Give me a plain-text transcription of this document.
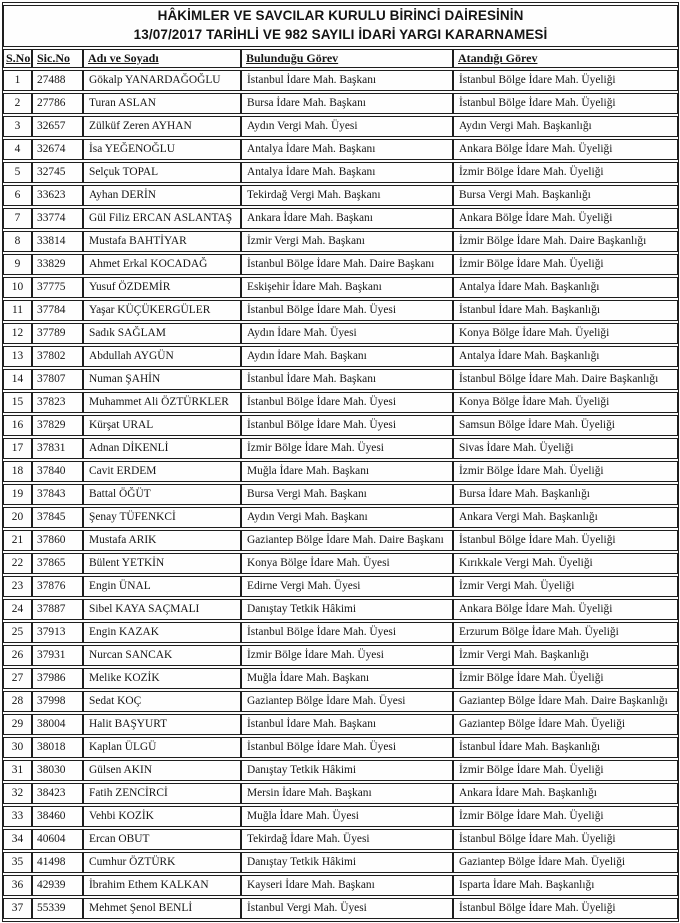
HÂKİMLER VE SAVCILAR KURULU BİRİNCİ DAİRESİNİN
13/07/2017 TARİHLİ VE 982 SAYILI İDARİ YARGI KARARNAMESİ				

S.No	Sic.No	Adı ve Soyadı	Bulunduğu Görev	Atandığı Görev
1	27488	Gökalp YANARDAĞOĞLU	İstanbul İdare Mah. Başkanı	İstanbul Bölge İdare Mah. Üyeliği
2	27786	Turan ASLAN	Bursa İdare Mah. Başkanı	İstanbul Bölge İdare Mah. Üyeliği
3	32657	Zülküf Zeren AYHAN	Aydın Vergi Mah. Üyesi	Aydın Vergi Mah. Başkanlığı
4	32674	İsa YEĞENOĞLU	Antalya İdare Mah. Başkanı	Ankara Bölge İdare Mah. Üyeliği
5	32745	Selçuk TOPAL	Antalya İdare Mah. Başkanı	İzmir Bölge İdare Mah. Üyeliği
6	33623	Ayhan DERİN	Tekirdağ Vergi Mah. Başkanı	Bursa Vergi Mah. Başkanlığı
7	33774	Gül Filiz ERCAN ASLANTAŞ	Ankara İdare Mah. Başkanı	Ankara Bölge İdare Mah. Üyeliği
8	33814	Mustafa BAHTİYAR	İzmir Vergi Mah. Başkanı	İzmir Bölge İdare Mah. Daire Başkanlığı
9	33829	Ahmet Erkal KOCADAĞ	İstanbul Bölge İdare Mah. Daire Başkanı	İzmir Bölge İdare Mah. Üyeliği
10	37775	Yusuf ÖZDEMİR	Eskişehir İdare Mah. Başkanı	Antalya İdare Mah. Başkanlığı
11	37784	Yaşar KÜÇÜKERGÜLER	İstanbul Bölge İdare Mah. Üyesi	İstanbul İdare Mah. Başkanlığı
12	37789	Sadık SAĞLAM	Aydın İdare Mah. Üyesi	Konya Bölge İdare Mah. Üyeliği
13	37802	Abdullah AYGÜN	Aydın İdare Mah. Başkanı	Antalya İdare Mah. Başkanlığı
14	37807	Numan ŞAHİN	İstanbul İdare Mah. Başkanı	İstanbul Bölge İdare Mah. Daire Başkanlığı
15	37823	Muhammet Ali ÖZTÜRKLER	İstanbul Bölge İdare Mah. Üyesi	Konya Bölge İdare Mah. Üyeliği
16	37829	Kürşat URAL	İstanbul Bölge İdare Mah. Üyesi	Samsun Bölge İdare Mah. Üyeliği
17	37831	Adnan DİKENLİ	İzmir Bölge İdare Mah. Üyesi	Sivas İdare Mah. Üyeliği
18	37840	Cavit ERDEM	Muğla İdare Mah. Başkanı	İzmir Bölge İdare Mah. Üyeliği
19	37843	Battal ÖĞÜT	Bursa Vergi Mah. Başkanı	Bursa İdare Mah. Başkanlığı
20	37845	Şenay TÜFENKCİ	Aydın Vergi Mah. Başkanı	Ankara Vergi Mah. Başkanlığı
21	37860	Mustafa ARIK	Gaziantep Bölge İdare Mah. Daire Başkanı	İstanbul Bölge İdare Mah. Üyeliği
22	37865	Bülent YETKİN	Konya Bölge İdare Mah. Üyesi	Kırıkkale Vergi Mah. Üyeliği
23	37876	Engin ÜNAL	Edirne Vergi Mah. Üyesi	İzmir Vergi Mah. Üyeliği
24	37887	Sibel KAYA SAÇMALI	Danıştay Tetkik Hâkimi	Ankara Bölge İdare Mah. Üyeliği
25	37913	Engin KAZAK	İstanbul Bölge İdare Mah. Üyesi	Erzurum Bölge İdare Mah. Üyeliği
26	37931	Nurcan SANCAK	İzmir Bölge İdare Mah. Üyesi	İzmir Vergi Mah. Başkanlığı
27	37986	Melike KOZİK	Muğla İdare Mah. Başkanı	İzmir Bölge İdare Mah. Üyeliği
28	37998	Sedat KOÇ	Gaziantep Bölge İdare Mah. Üyesi	Gaziantep Bölge İdare Mah. Daire Başkanlığı
29	38004	Halit BAŞYURT	İstanbul İdare Mah. Başkanı	Gaziantep Bölge İdare Mah. Üyeliği
30	38018	Kaplan ÜLGÜ	İstanbul Bölge İdare Mah. Üyesi	İstanbul İdare Mah. Başkanlığı
31	38030	Gülsen AKIN	Danıştay Tetkik Hâkimi	İzmir Bölge İdare Mah. Üyeliği
32	38423	Fatih ZENCİRCİ	Mersin İdare Mah. Başkanı	Ankara İdare Mah. Başkanlığı
33	38460	Vehbi KOZİK	Muğla İdare Mah. Üyesi	İzmir Bölge İdare Mah. Üyeliği
34	40604	Ercan OBUT	Tekirdağ İdare Mah. Üyesi	İstanbul Bölge İdare Mah. Üyeliği
35	41498	Cumhur ÖZTÜRK	Danıştay Tetkik Hâkimi	Gaziantep Bölge İdare Mah. Üyeliği
36	42939	İbrahim Ethem KALKAN	Kayseri İdare Mah. Başkanı	Isparta İdare Mah. Başkanlığı
37	55339	Mehmet Şenol BENLİ	İstanbul Vergi Mah. Üyesi	İstanbul Bölge İdare Mah. Üyeliği
